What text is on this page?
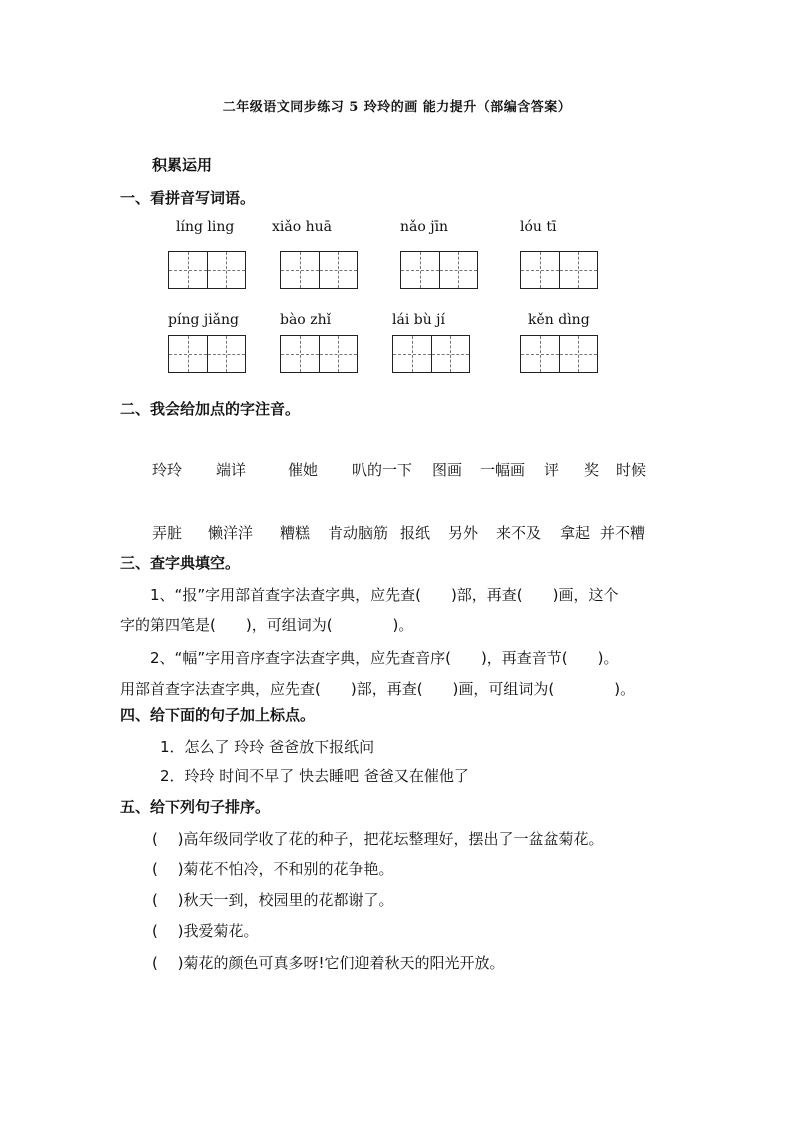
二年级语文同步练习 5 玲玲的画 能力提升（部编含答案）
积累运用
一、看拼音写词语。
líng ling	xiǎo huā	nǎo jīn	lóu tī
píng jiǎng	bào zhǐ	lái bù jí	kěn dìng
二、我会给加点的字注音。
玲玲 端详	催她 叭的一下 图画 一幅画 评 奖 时候
弄脏 懒洋洋 糟糕 肯动脑筋 报纸 另外 来不及 拿起 并不糟
三、查字典填空。
1、“报”字用部首查字法查字典，应先查(　　)部，再查(　　)画，这个
字的第四笔是(　　)，可组词为(　　　　)。
2、“幅”字用音序查字法查字典，应先查音序(　　)，再查音节(　　)。
用部首查字法查字典，应先查(　　)部，再查(　　)画，可组词为(　　　　)。
四、给下面的句子加上标点。
1．怎么了 玲玲 爸爸放下报纸问
2．玲玲 时间不早了 快去睡吧 爸爸又在催他了
五、给下列句子排序。
(　 )高年级同学收了花的种子，把花坛整理好，摆出了一盆盆菊花。
(　 )菊花不怕冷，不和别的花争艳。
(　 )秋天一到，校园里的花都谢了。
(　 )我爱菊花。
(　 )菊花的颜色可真多呀!它们迎着秋天的阳光开放。
